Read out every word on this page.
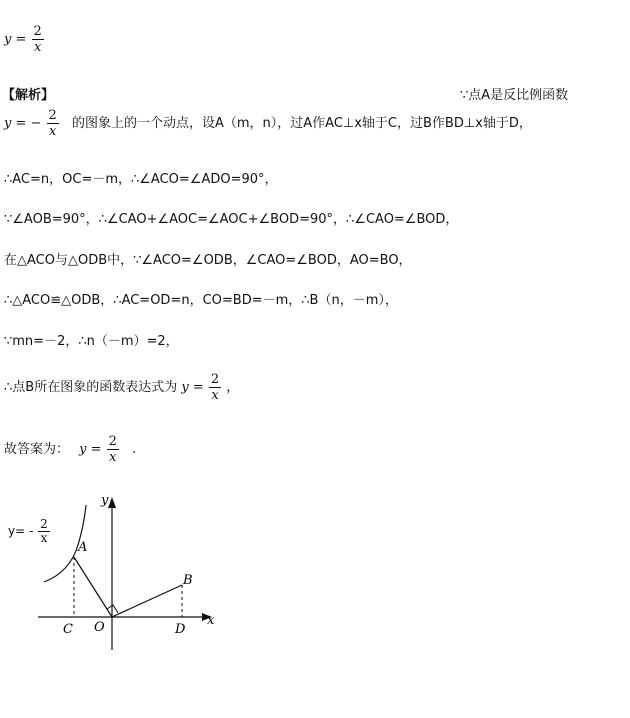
$y = \frac{2}{x}$
【解析】	∵点A是反比例函数
y = − $\frac{2}{x}$ 的图象上的一个动点，设A（m，n），过A作AC⊥x轴于C，过B作BD⊥x轴于D，
∴AC=n，OC=－m，∴∠ACO=∠ADO=90°，
∵∠AOB=90°，∴∠CAO+∠AOC=∠AOC+∠BOD=90°，∴∠CAO=∠BOD，
在△ACO与△ODB中，∵∠ACO=∠ODB，∠CAO=∠BOD，AO=BO，
∴△ACO≌△ODB，∴AC=OD=n，CO=BD=－m，∴B（n，－m），
∵mn=－2，∴n（－m）=2，
∴点B所在图象的函数表达式为 $y = \frac{2}{x}$ ，
故答案为： $y = \frac{2}{x}$ .
$y= - \frac{2}{x}$
y
x
A
B
C	D
O
